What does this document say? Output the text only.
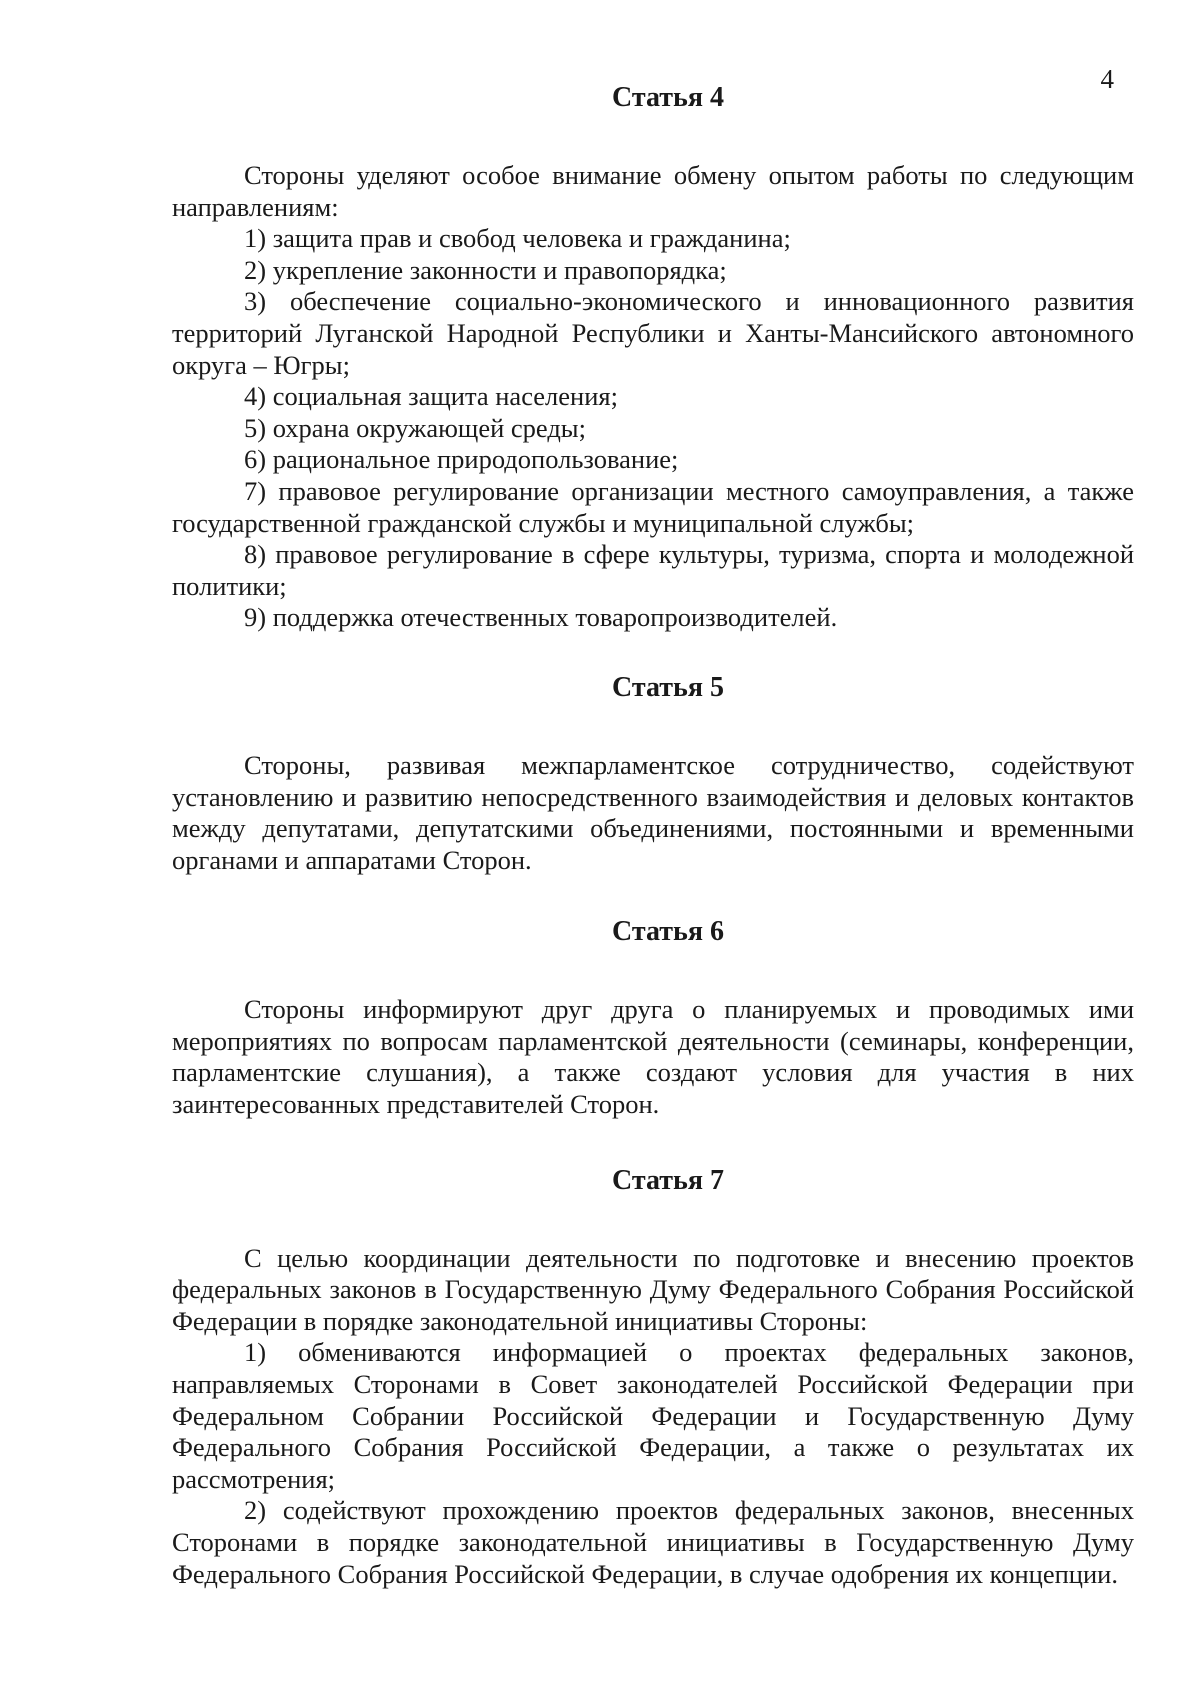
4
Статья 4

Стороны уделяют особое внимание обмену опытом работы по следующим направлениям:

1) защита прав и свобод человека и гражданина;

2) укрепление законности и правопорядка;

3) обеспечение социально-экономического и инновационного развития территорий Луганской Народной Республики и Ханты-Мансийского автономного округа – Югры;

4) социальная защита населения;

5) охрана окружающей среды;

6) рациональное природопользование;

7) правовое регулирование организации местного самоуправления, а также государственной гражданской службы и муниципальной службы;

8) правовое регулирование в сфере культуры, туризма, спорта и молодежной политики;

9) поддержка отечественных товаропроизводителей.

Статья 5

Стороны, развивая межпарламентское сотрудничество, содействуют установлению и развитию непосредственного взаимодействия и деловых контактов между депутатами, депутатскими объединениями, постоянными и временными органами и аппаратами Сторон.

Статья 6

Стороны информируют друг друга о планируемых и проводимых ими мероприятиях по вопросам парламентской деятельности (семинары, конференции, парламентские слушания), а также создают условия для участия в них заинтересованных представителей Сторон.

Статья 7

С целью координации деятельности по подготовке и внесению проектов федеральных законов в Государственную Думу Федерального Собрания Российской Федерации в порядке законодательной инициативы Стороны:

1) обмениваются информацией о проектах федеральных законов, направляемых Сторонами в Совет законодателей Российской Федерации при Федеральном Собрании Российской Федерации и Государственную Думу Федерального Собрания Российской Федерации, а также о результатах их рассмотрения;

2) содействуют прохождению проектов федеральных законов, внесенных Сторонами в порядке законодательной инициативы в Государственную Думу Федерального Собрания Российской Федерации, в случае одобрения их концепции.
